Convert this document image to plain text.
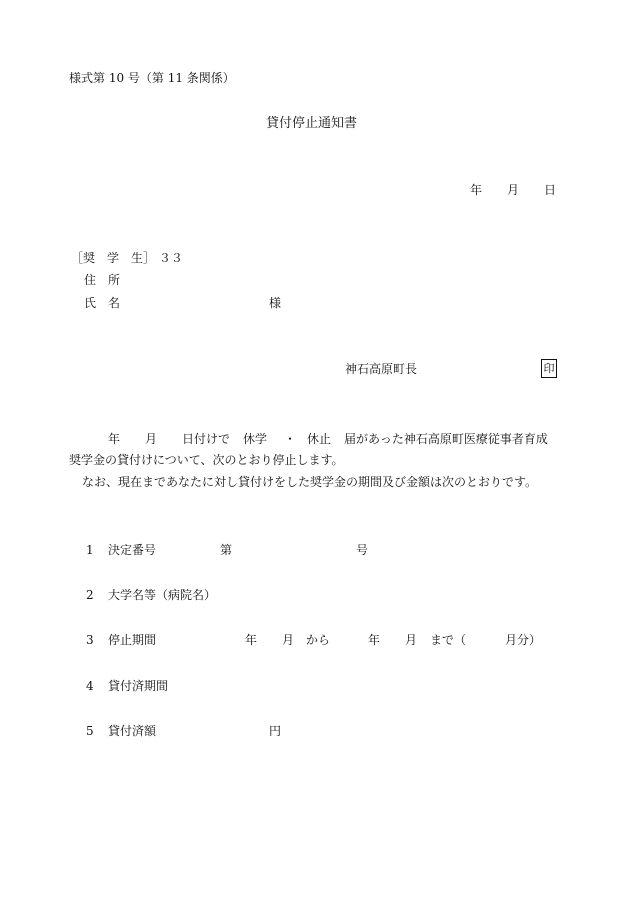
様式第 10 号（第 11 条関係）
貸付停止通知書
年 月 日
［奨　学　生］ ３３
住　所
氏　名	様
神石高原町長	印
年 月 日付けで 休学 ・ 休止 届があった神石高原町医療従事者育成
奨学金の貸付けについて、次のとおり停止します。
なお、現在まであなたに対し貸付けをした奨学金の期間及び金額は次のとおりです。
1 決定番号	第	号
2 大学名等（病院名）
3 停止期間	年 月 から	年 月 まで（	月分）
4 貸付済期間
5 貸付済額	円
